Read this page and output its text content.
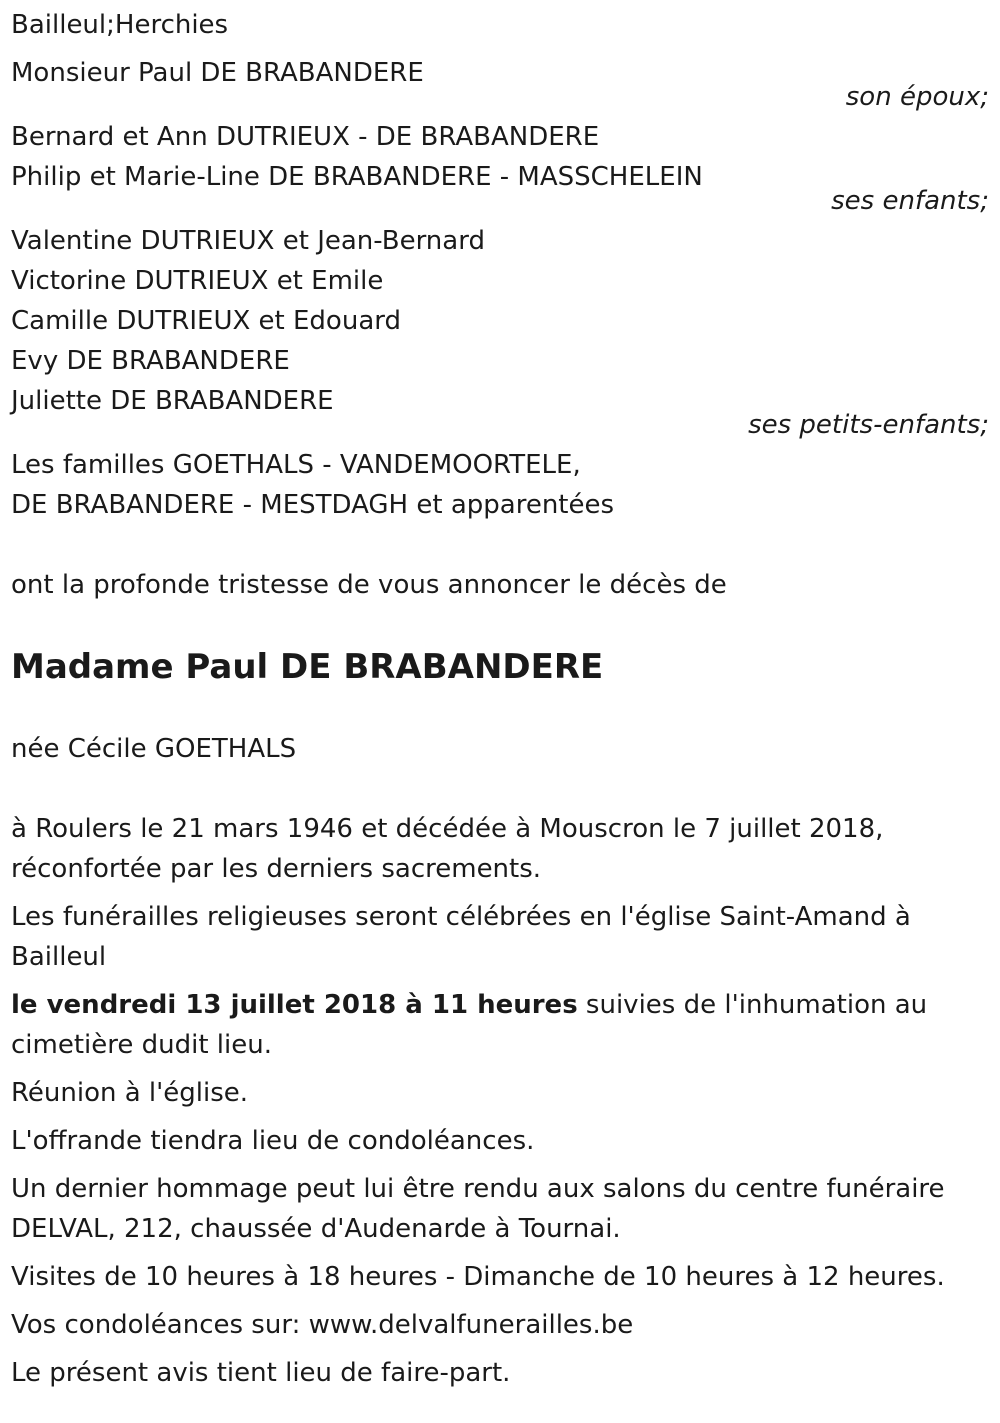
Bailleul;Herchies
Monsieur Paul DE BRABANDERE
son époux;
Bernard et Ann DUTRIEUX - DE BRABANDERE
Philip et Marie-Line DE BRABANDERE - MASSCHELEIN
ses enfants;
Valentine DUTRIEUX et Jean-Bernard
Victorine DUTRIEUX et Emile
Camille DUTRIEUX et Edouard
Evy DE BRABANDERE
Juliette DE BRABANDERE
ses petits-enfants;
Les familles GOETHALS - VANDEMOORTELE,
DE BRABANDERE - MESTDAGH et apparentées
ont la profonde tristesse de vous annoncer le décès de

Madame Paul DE BRABANDERE

née Cécile GOETHALS

à Roulers le 21 mars 1946 et décédée à Mouscron le 7 juillet 2018, réconfortée par les derniers sacrements.

Les funérailles religieuses seront célébrées en l'église Saint-Amand à Bailleul

le vendredi 13 juillet 2018 à 11 heures suivies de l'inhumation au cimetière dudit lieu.

Réunion à l'église.

L'offrande tiendra lieu de condoléances.

Un dernier hommage peut lui être rendu aux salons du centre funéraire DELVAL, 212, chaussée d'Audenarde à Tournai.

Visites de 10 heures à 18 heures - Dimanche de 10 heures à 12 heures.

Vos condoléances sur: www.delvalfunerailles.be

Le présent avis tient lieu de faire-part.
